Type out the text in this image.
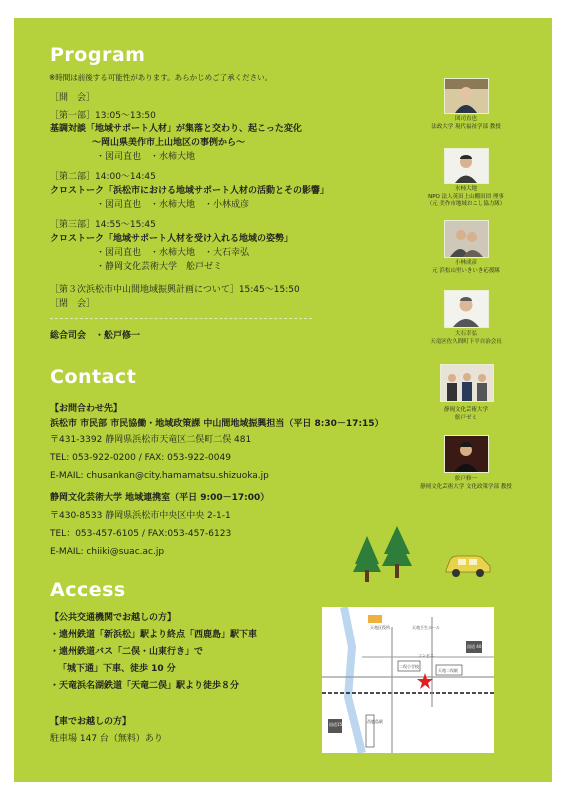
Program
※時間は前後する可能性があります。あらかじめご了承ください。
［開　会］
［第一部］13:05～13:50
基調対談「地域サポート人材」が集落と交わり、起こった変化
～岡山県美作市上山地区の事例から～
・図司直也　・水柿大地
［第二部］14:00～14:45
クロストーク「浜松市における地域サポート人材の活動とその影響」
・図司直也　・水柿大地　・小林成彦
［第三部］14:55～15:45
クロストーク「地域サポート人材を受け入れる地域の姿勢」
・図司直也　・水柿大地　・大石幸弘
・静岡文化芸術大学　舩戸ゼミ
［第３次浜松市中山間地域振興計画について］15:45～15:50
［閉　会］
総合司会　・舩戸修一
図司直也
法政大学 現代福祉学部 教授
水柿大地
NPO 法人英田上山棚田団 理事
（元 美作市地域おこし協力隊）
小林成彦
元 浜松山里いきいき応援隊
大石幸弘
天竜区佐久間町下平自治会長
静岡文化芸術大学
舩戸ゼミ
舩戸修一
静岡文化芸術大学 文化政策学部 教授
Contact
【お問合わせ先】
浜松市 市民部 市民協働・地域政策課 中山間地域振興担当（平日 8:30－17:15）
〒431-3392 静岡県浜松市天竜区二俣町二俣 481
TEL: 053-922-0200 / FAX: 053-922-0049
E-MAIL: chusankan@city.hamamatsu.shizuoka.jp
静岡文化芸術大学 地域連携室（平日 9:00－17:00）
〒430-8533 静岡県浜松市中央区中央 2-1-1
TEL：053-457-6105 / FAX:053-457-6123
E-MAIL: chiiki@suac.ac.jp
Access
【公共交通機関でお越しの方】
・遠州鉄道「新浜松」駅より終点「西鹿島」駅下車
・遠州鉄道バス「二俣・山東行き」で
「城下通」下車、徒歩 10 分
・天竜浜名湖鉄道「天竜二俣」駅より徒歩８分
【車でお越しの方】
駐車場 147 台（無料）あり
天竜区役所	天竜壬生ホール
二俣小学校
コンビニ
天竜二俣駅
国道 40号
国道152号
西鹿島駅
